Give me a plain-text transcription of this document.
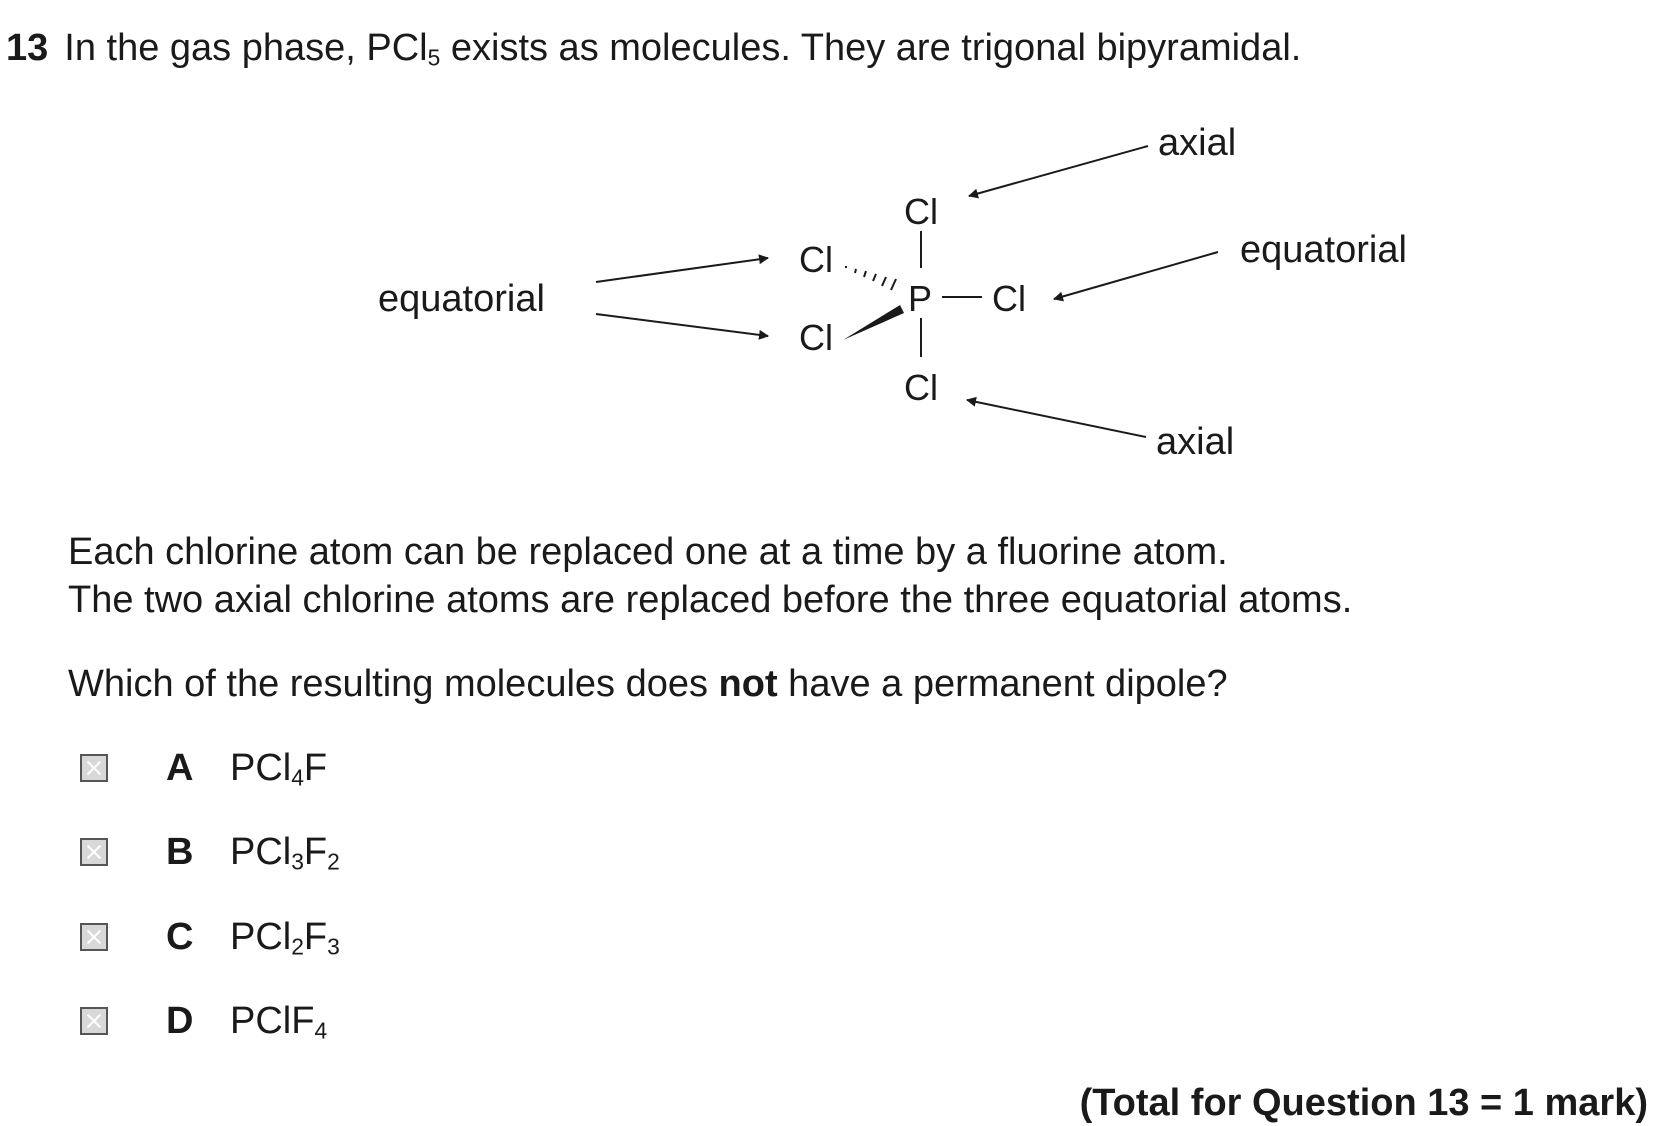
13 In the gas phase, PCl$_5$ exists as molecules. They are trigonal bipyramidal.
Cl
Cl
P Cl
Cl
Cl
axial
axial
equatorial
equatorial
Each chlorine atom can be replaced one at a time by a fluorine atom.
The two axial chlorine atoms are replaced before the three equatorial atoms.
Which of the resulting molecules does not have a permanent dipole?
A PCl$_4$F
B $PCl_3F_2$
C $PCl_2F_3$
D PClF$_4$
(Total for Question 13 = 1 mark)
